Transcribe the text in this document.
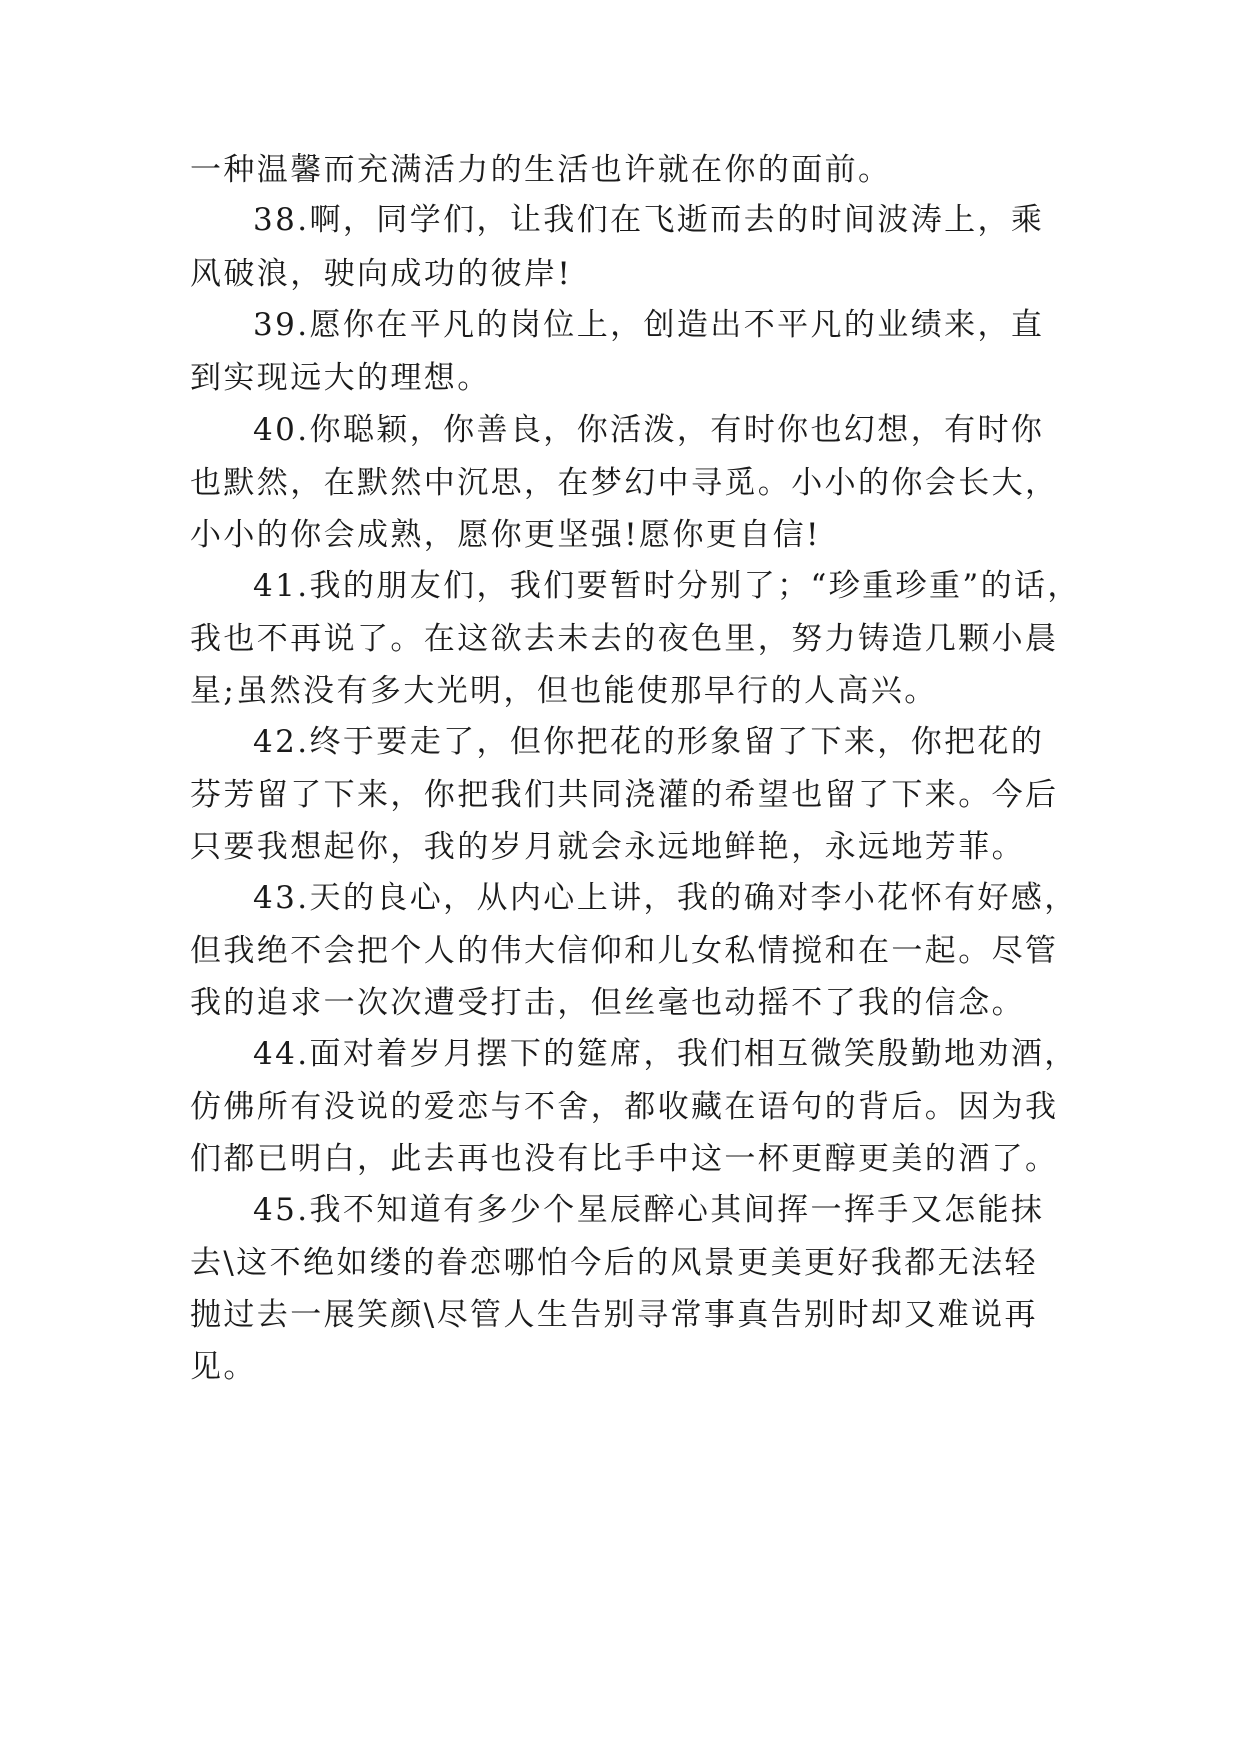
一种温馨而充满活力的生活也许就在你的面前。
38.啊，同学们，让我们在飞逝而去的时间波涛上，乘
风破浪，驶向成功的彼岸!
39.愿你在平凡的岗位上，创造出不平凡的业绩来，直
到实现远大的理想。
40.你聪颖，你善良，你活泼，有时你也幻想，有时你
也默然，在默然中沉思，在梦幻中寻觅。小小的你会长大，
小小的你会成熟，愿你更坚强!愿你更自信!
41.我的朋友们，我们要暂时分别了；“珍重珍重”的话，
我也不再说了。在这欲去未去的夜色里，努力铸造几颗小晨
星;虽然没有多大光明，但也能使那早行的人高兴。
42.终于要走了，但你把花的形象留了下来，你把花的
芬芳留了下来，你把我们共同浇灌的希望也留了下来。今后
只要我想起你，我的岁月就会永远地鲜艳，永远地芳菲。
43.天的良心，从内心上讲，我的确对李小花怀有好感，
但我绝不会把个人的伟大信仰和儿女私情搅和在一起。尽管
我的追求一次次遭受打击，但丝毫也动摇不了我的信念。
44.面对着岁月摆下的筵席，我们相互微笑殷勤地劝酒，
仿佛所有没说的爱恋与不舍，都收藏在语句的背后。因为我
们都已明白，此去再也没有比手中这一杯更醇更美的酒了。
45.我不知道有多少个星辰醉心其间挥一挥手又怎能抹
去\这不绝如缕的眷恋哪怕今后的风景更美更好我都无法轻
抛过去一展笑颜\尽管人生告别寻常事真告别时却又难说再
见。
